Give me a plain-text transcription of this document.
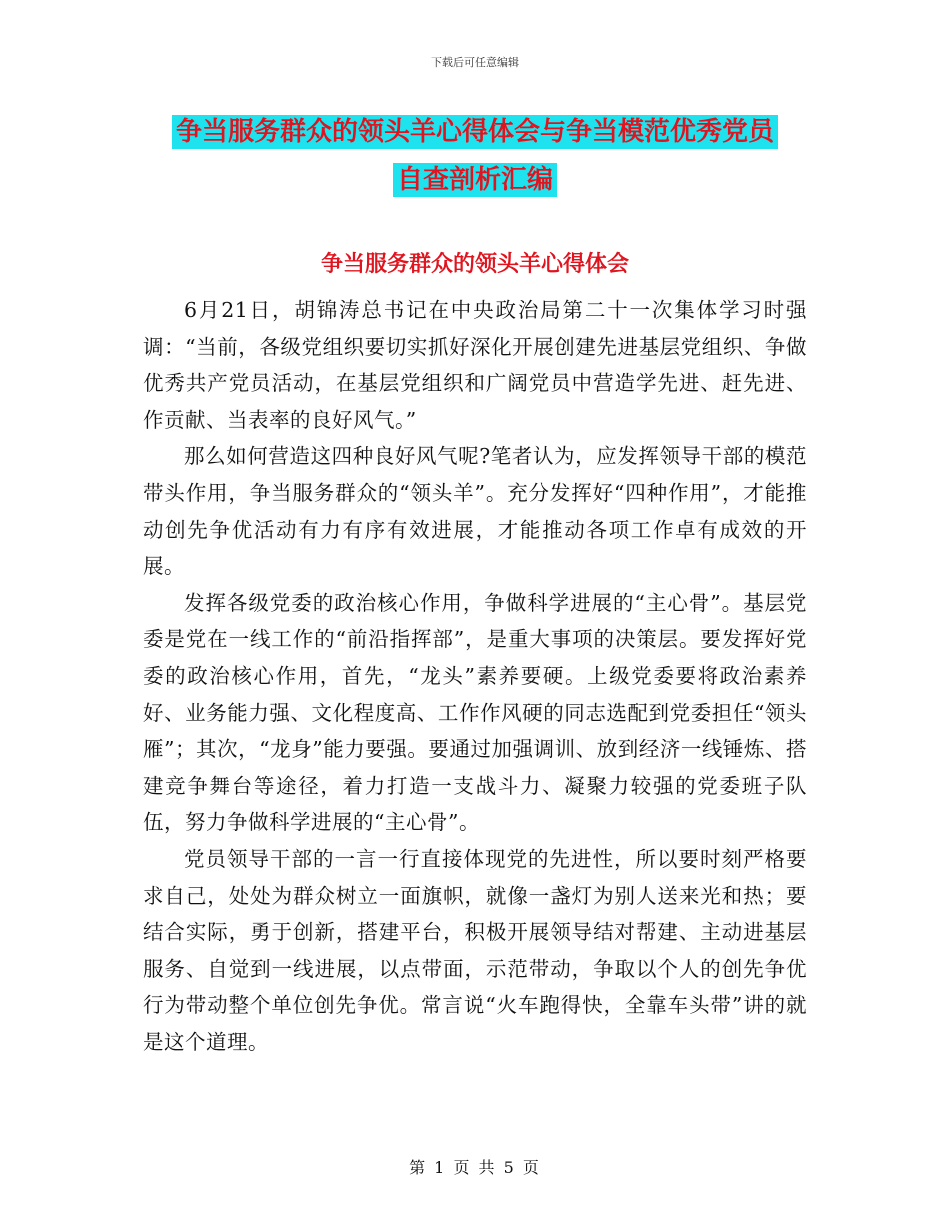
下载后可任意编辑
争当服务群众的领头羊心得体会与争当模范优秀党员
自查剖析汇编
争当服务群众的领头羊心得体会

6月21日，胡锦涛总书记在中央政治局第二十一次集体学习时强调：“当前，各级党组织要切实抓好深化开展创建先进基层党组织、争做优秀共产党员活动，在基层党组织和广阔党员中营造学先进、赶先进、作贡献、当表率的良好风气。”

那么如何营造这四种良好风气呢?笔者认为，应发挥领导干部的模范带头作用，争当服务群众的“领头羊”。充分发挥好“四种作用”，才能推动创先争优活动有力有序有效进展，才能推动各项工作卓有成效的开展。

发挥各级党委的政治核心作用，争做科学进展的“主心骨”。基层党委是党在一线工作的“前沿指挥部”，是重大事项的决策层。要发挥好党委的政治核心作用，首先，“龙头”素养要硬。上级党委要将政治素养好、业务能力强、文化程度高、工作作风硬的同志选配到党委担任“领头雁”；其次，“龙身”能力要强。要通过加强调训、放到经济一线锤炼、搭建竞争舞台等途径，着力打造一支战斗力、凝聚力较强的党委班子队伍，努力争做科学进展的“主心骨”。

党员领导干部的一言一行直接体现党的先进性，所以要时刻严格要求自己，处处为群众树立一面旗帜，就像一盏灯为别人送来光和热；要结合实际，勇于创新，搭建平台，积极开展领导结对帮建、主动进基层服务、自觉到一线进展，以点带面，示范带动，争取以个人的创先争优行为带动整个单位创先争优。常言说“火车跑得快，全靠车头带”讲的就是这个道理。

第 1 页 共 5 页
